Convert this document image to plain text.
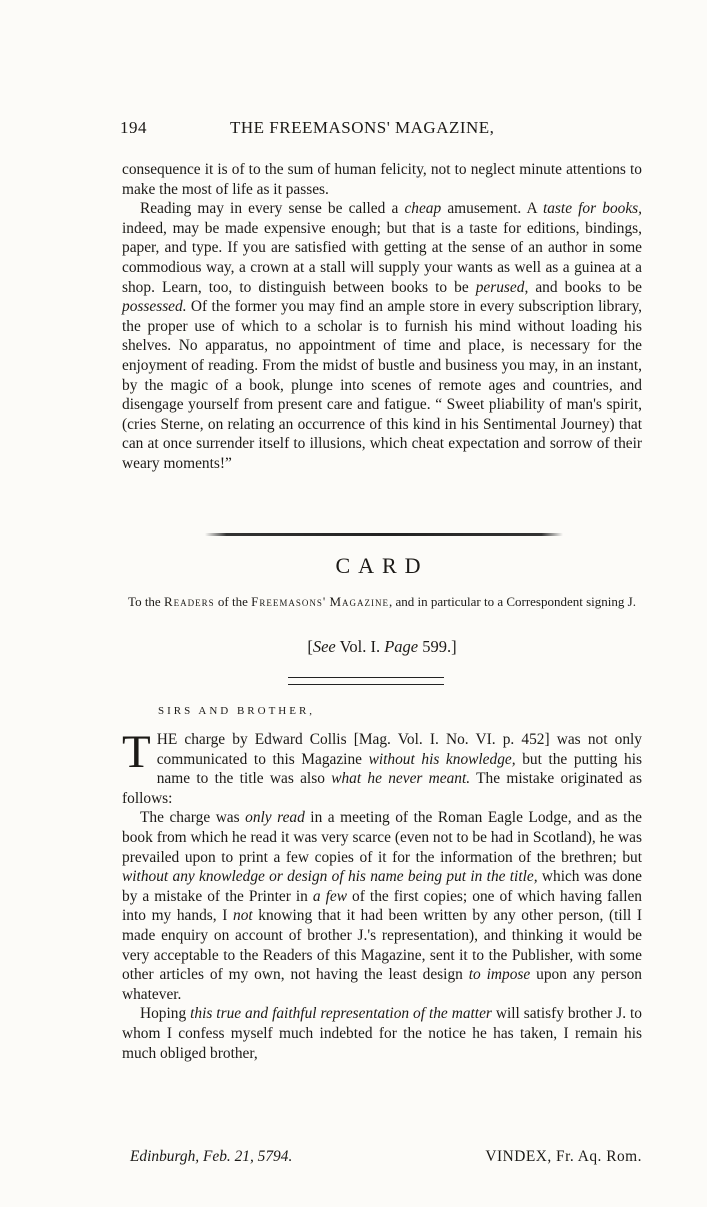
194	THE FREEMASONS' MAGAZINE,

consequence it is of to the sum of human felicity, not to neglect minute attentions to make the most of life as it passes.

Reading may in every sense be called a cheap amusement. A taste for books, indeed, may be made expensive enough; but that is a taste for editions, bindings, paper, and type. If you are satisfied with getting at the sense of an author in some commodious way, a crown at a stall will supply your wants as well as a guinea at a shop. Learn, too, to distinguish between books to be perused, and books to be possessed. Of the former you may find an ample store in every subscription library, the proper use of which to a scholar is to furnish his mind without loading his shelves. No apparatus, no appointment of time and place, is necessary for the enjoyment of reading. From the midst of bustle and business you may, in an instant, by the magic of a book, plunge into scenes of remote ages and countries, and disengage yourself from present care and fatigue. “ Sweet pliability of man's spirit, (cries Sterne, on relating an occurrence of this kind in his Sentimental Journey) that can at once surrender itself to illusions, which cheat expectation and sorrow of their weary moments!”

CARD
To the Readers of the Freemasons' Magazine, and in particular to a Correspondent signing J.
[See Vol. I. Page 599.]
SIRS AND BROTHER,

THE charge by Edward Collis [Mag. Vol. I. No. VI. p. 452] was not only communicated to this Magazine without his knowledge, but the putting his name to the title was also what he never meant. The mistake originated as follows:

The charge was only read in a meeting of the Roman Eagle Lodge, and as the book from which he read it was very scarce (even not to be had in Scotland), he was prevailed upon to print a few copies of it for the information of the brethren; but without any knowledge or design of his name being put in the title, which was done by a mistake of the Printer in a few of the first copies; one of which having fallen into my hands, I not knowing that it had been written by any other person, (till I made enquiry on account of brother J.'s representation), and thinking it would be very acceptable to the Readers of this Magazine, sent it to the Publisher, with some other articles of my own, not having the least design to impose upon any person whatever.

Hoping this true and faithful representation of the matter will satisfy brother J. to whom I confess myself much indebted for the notice he has taken, I remain his much obliged brother,

Edinburgh, Feb. 21, 5794.	VINDEX, Fr. Aq. Rom.
